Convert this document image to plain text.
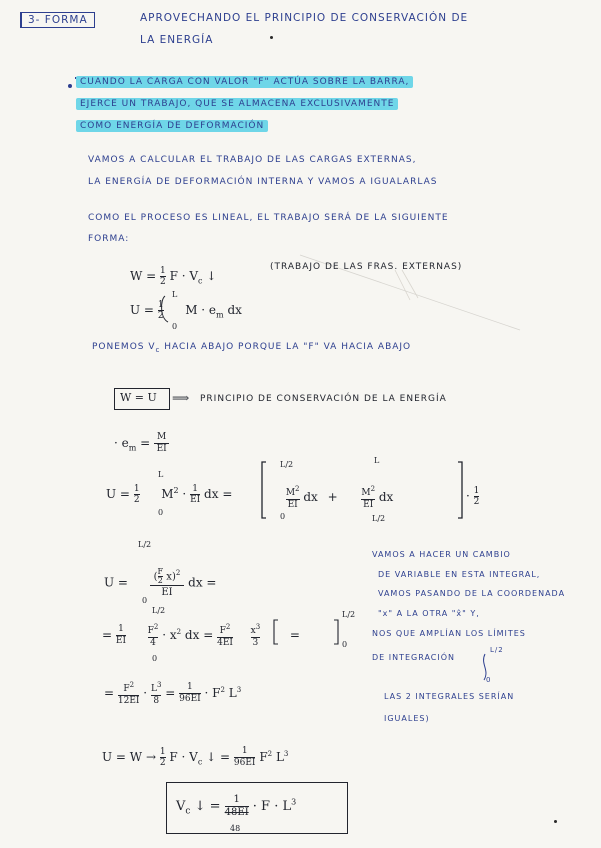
3- FORMA	APROVECHANDO EL PRINCIPIO DE CONSERVACIÓN DE
LA ENERGÍA
CUANDO LA CARGA CON VALOR "F" ACTÚA SOBRE LA BARRA,
EJERCE UN TRABAJO, QUE SE ALMACENA EXCLUSIVAMENTE
COMO ENERGÍA DE DEFORMACIÓN
VAMOS A CALCULAR EL TRABAJO DE LAS CARGAS EXTERNAS,
LA ENERGÍA DE DEFORMACIÓN INTERNA Y VAMOS A IGUALARLAS
COMO EL PROCESO ES LINEAL, EL TRABAJO SERÁ DE LA SIGUIENTE
FORMA:
$W = \frac{1}{2}$ $F \cdot V_c$ ↓
(TRABAJO DE LAS FRAS. EXTERNAS)
$U = \frac{1}{2}$ $M \cdot e_m$ dx
L
0
PONEMOS $V_c$ HACIA ABAJO PORQUE LA "F" VA HACIA ABAJO
W = U ⟹ PRINCIPIO DE CONSERVACIÓN DE LA ENERGÍA
· $e_m = \frac{M}{EI}$
$U = \frac{1}{2} M^2 \cdot \frac{1}{EI}$ dx =
L
0

$\frac{M^2}{EI}$ dx +	$\frac{M^2}{EI}$ dx
L/2
0
L
L/2
· $\frac{1}{2}$
$U = \frac{( \frac{F}{2} x)^2}{EI}$ dx =
L/2
0
VAMOS A HACER UN CAMBIO
DE VARIABLE EN ESTA INTEGRAL,
VAMOS PASANDO DE LA COORDENADA
"x" A LA OTRA "x̂" Y,
NOS QUE AMPLÍAN LOS LÍMITES
DE INTEGRACIÓN
L/2
0
LAS 2 INTEGRALES SERÍAN
IGUALES)
= $\frac{1}{EI}$
$\frac{F^2}{4} \cdot x^2$ dx = $\frac{F^2}{4EI}$
$\frac{x^3}{3}$ =
L/2
0
L/2
0
= $\frac{F^2}{12EI} \cdot \frac{L^3}{8} = \frac{1}{96EI} \cdot F^2$ $L^3$
$U = W \to \frac{1}{2}$ $F \cdot V_c$ ↓ = $\frac{1}{96EI} F^2$ $L^3$
$V_c$ ↓ = $\frac{1}{48EI} \cdot F \cdot L^3$
48
